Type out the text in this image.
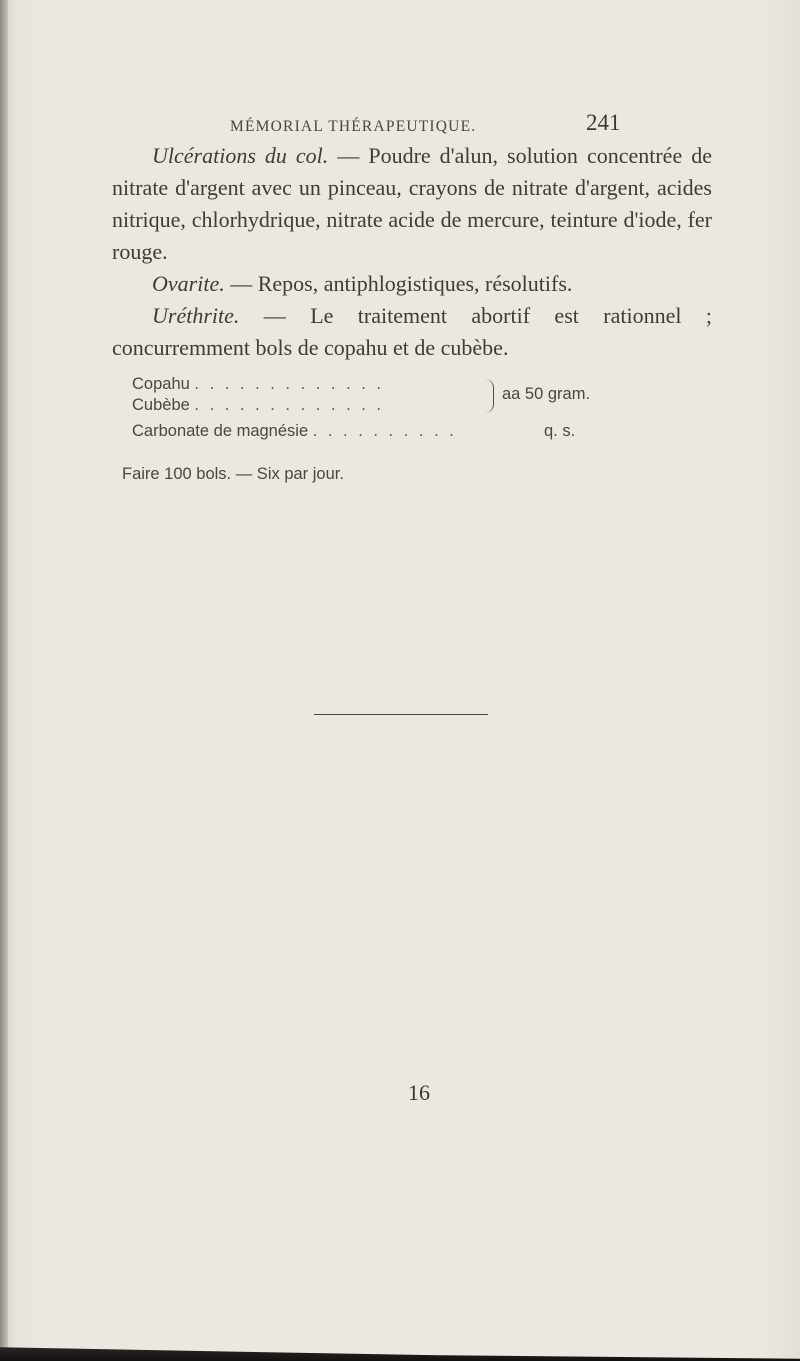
MÉMORIAL THÉRAPEUTIQUE.	241

Ulcérations du col. — Poudre d'alun, solution concentrée de nitrate d'argent avec un pinceau, crayons de nitrate d'argent, acides nitrique, chlorhydrique, nitrate acide de mercure, teinture d'iode, fer rouge.

Ovarite. — Repos, antiphlogistiques, résolutifs.

Uréthrite. — Le traitement abortif est rationnel ; concurremment bols de copahu et de cubèbe.

Copahu . . . . . . . . . . . . .
Cubèbe . . . . . . . . . . . . .
aa 50 gram.
Carbonate de magnésie . . . . . . . . . .	q. s.
Faire 100 bols. — Six par jour.
16
